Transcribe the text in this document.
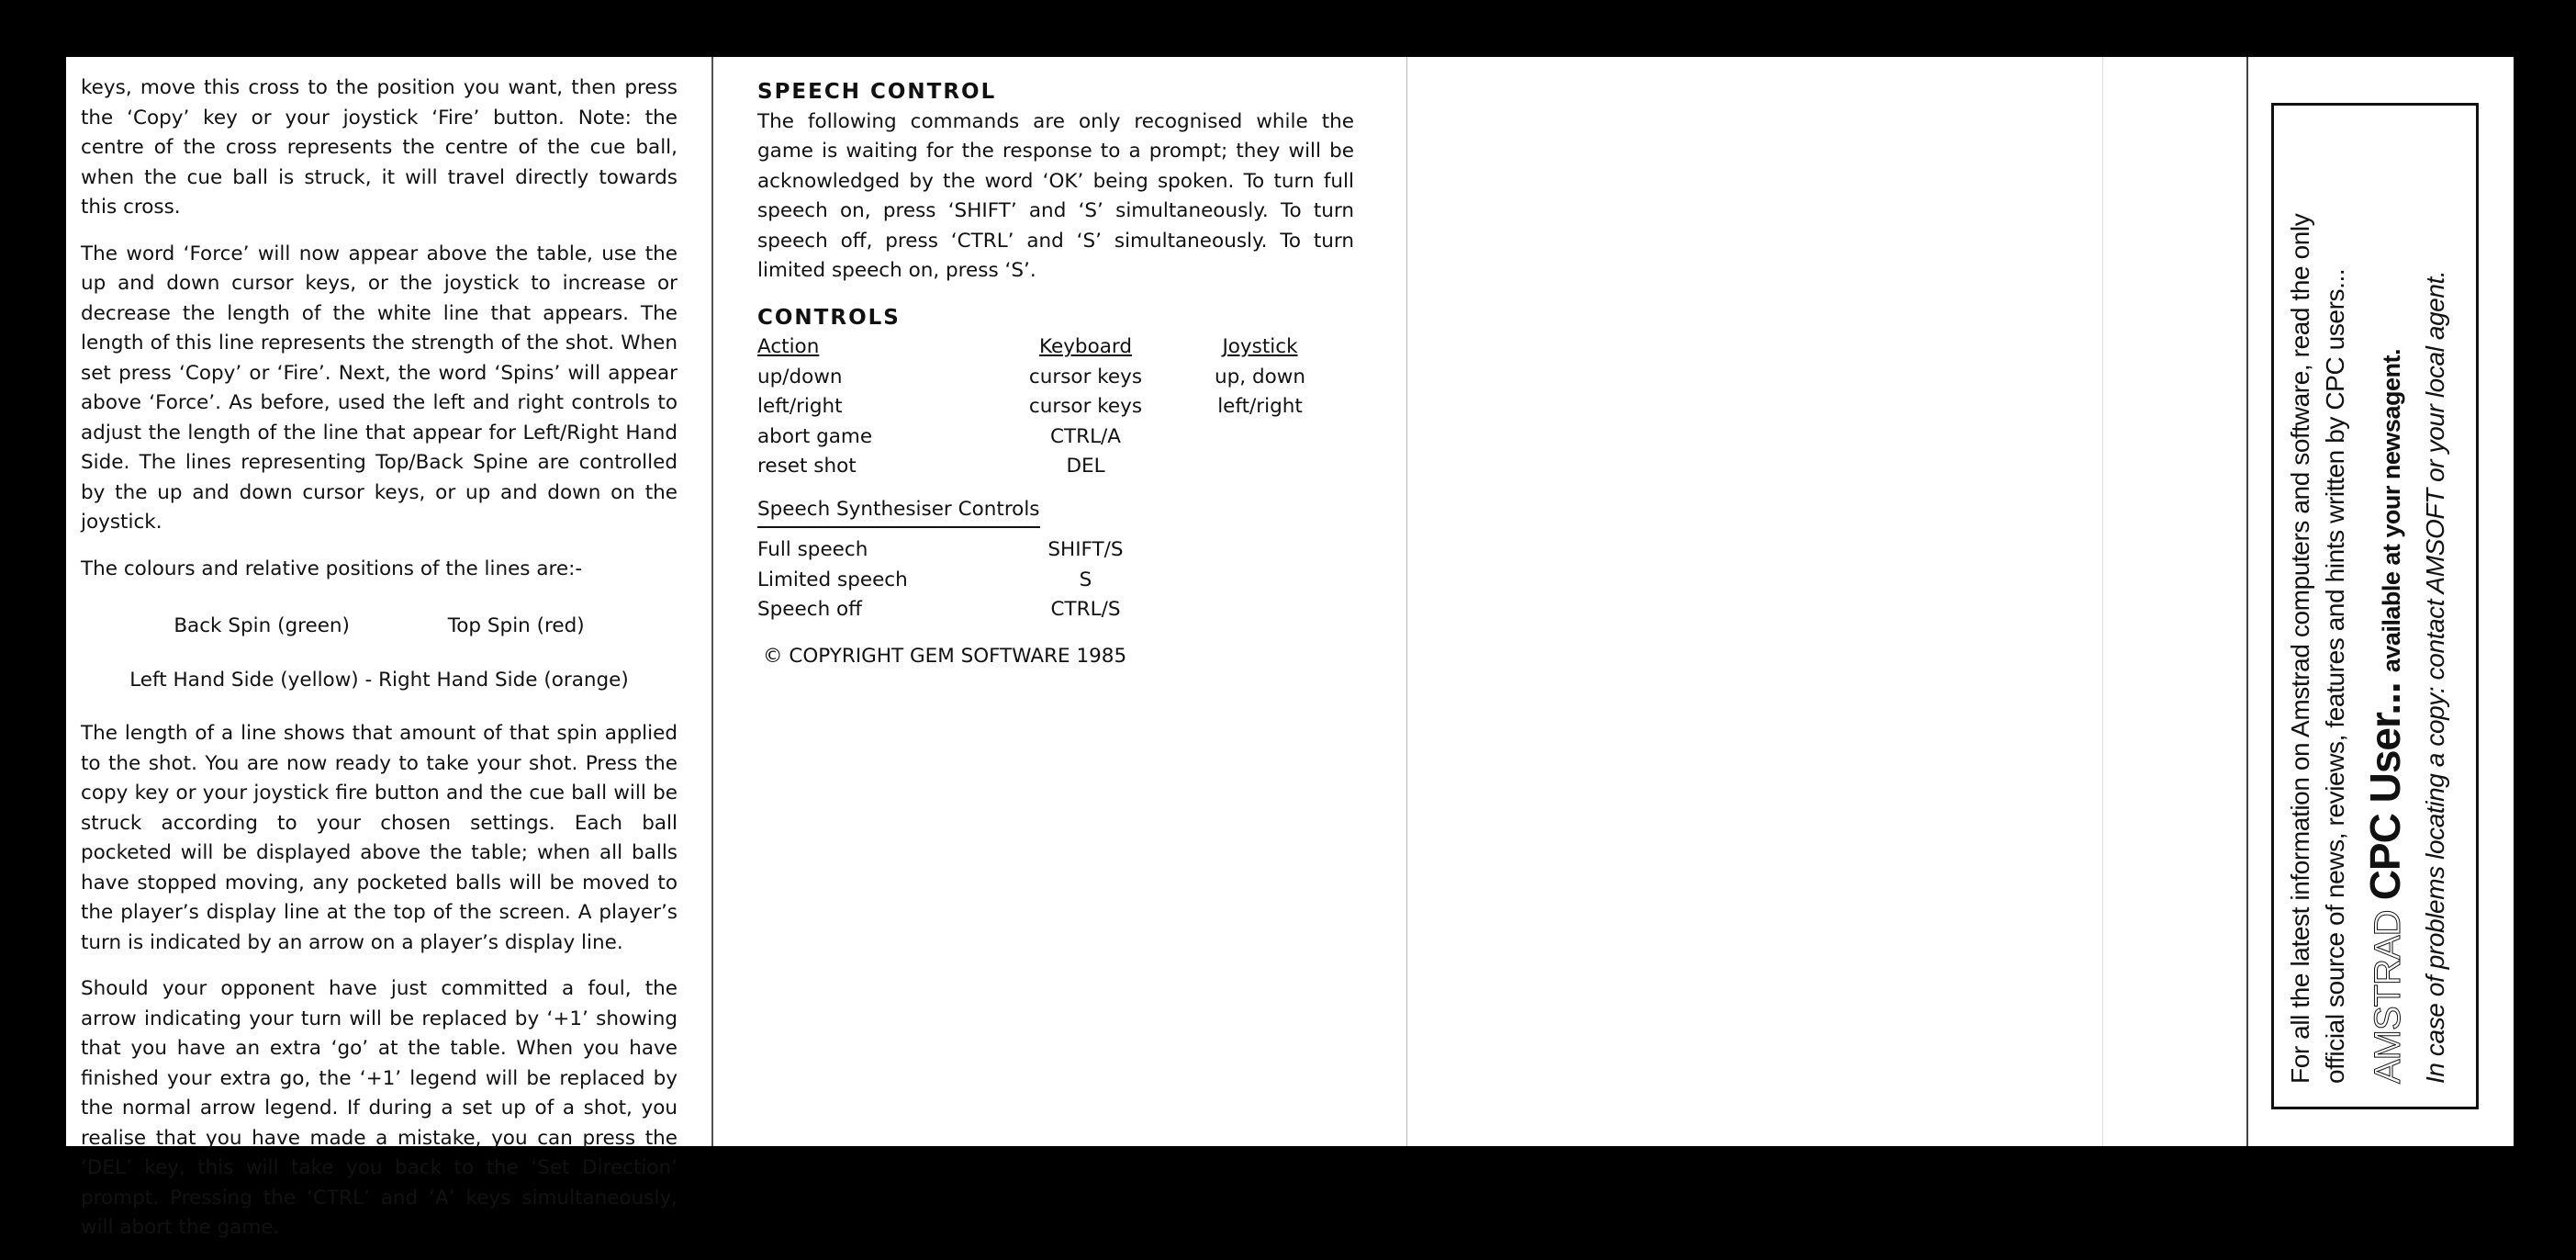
keys, move this cross to the position you want, then press the ‘Copy’ key or your joystick ‘Fire’ button. Note: the centre of the cross represents the centre of the cue ball, when the cue ball is struck, it will travel directly towards this cross.

The word ‘Force’ will now appear above the table, use the up and down cursor keys, or the joystick to increase or decrease the length of the white line that appears. The length of this line represents the strength of the shot. When set press ‘Copy’ or ‘Fire’. Next, the word ‘Spins’ will appear above ‘Force’. As before, used the left and right controls to adjust the length of the line that appear for Left/Right Hand Side. The lines representing Top/Back Spine are controlled by the up and down cursor keys, or up and down on the joystick.

The colours and relative positions of the lines are:-

Back Spin (green)	Top Spin (red)
Left Hand Side (yellow) - Right Hand Side (orange)

The length of a line shows that amount of that spin applied to the shot. You are now ready to take your shot. Press the copy key or your joystick fire button and the cue ball will be struck according to your chosen settings. Each ball pocketed will be displayed above the table; when all balls have stopped moving, any pocketed balls will be moved to the player’s display line at the top of the screen. A player’s turn is indicated by an arrow on a player’s display line.

Should your opponent have just committed a foul, the arrow indicating your turn will be replaced by ‘+1’ showing that you have an extra ‘go’ at the table. When you have finished your extra go, the ‘+1’ legend will be replaced by the normal arrow legend. If during a set up of a shot, you realise that you have made a mistake, you can press the ‘DEL’ key, this will take you back to the ‘Set Direction’ prompt. Pressing the ‘CTRL’ and ‘A’ keys simultaneously, will abort the game.

SPEECH CONTROL

The following commands are only recognised while the game is waiting for the response to a prompt; they will be acknowledged by the word ‘OK’ being spoken. To turn full speech on, press ‘SHIFT’ and ‘S’ simultaneously. To turn speech off, press ‘CTRL’ and ‘S’ simultaneously. To turn limited speech on, press ‘S’.

CONTROLS
Action	Keyboard	Joystick
up/down	cursor keys	up, down
left/right	cursor keys	left/right
abort game	CTRL/A
reset shot	DEL
Speech Synthesiser Controls
Full speech	SHIFT/S
Limited speech	S
Speech off	CTRL/S
© COPYRIGHT GEM SOFTWARE 1985	For all the latest information on Amstrad computers and software, read the only official source of news, reviews, features and hints written by CPC users... AMSTRAD CPC User... available at your newsagent. In case of problems locating a copy: contact AMSOFT or your local agent.
